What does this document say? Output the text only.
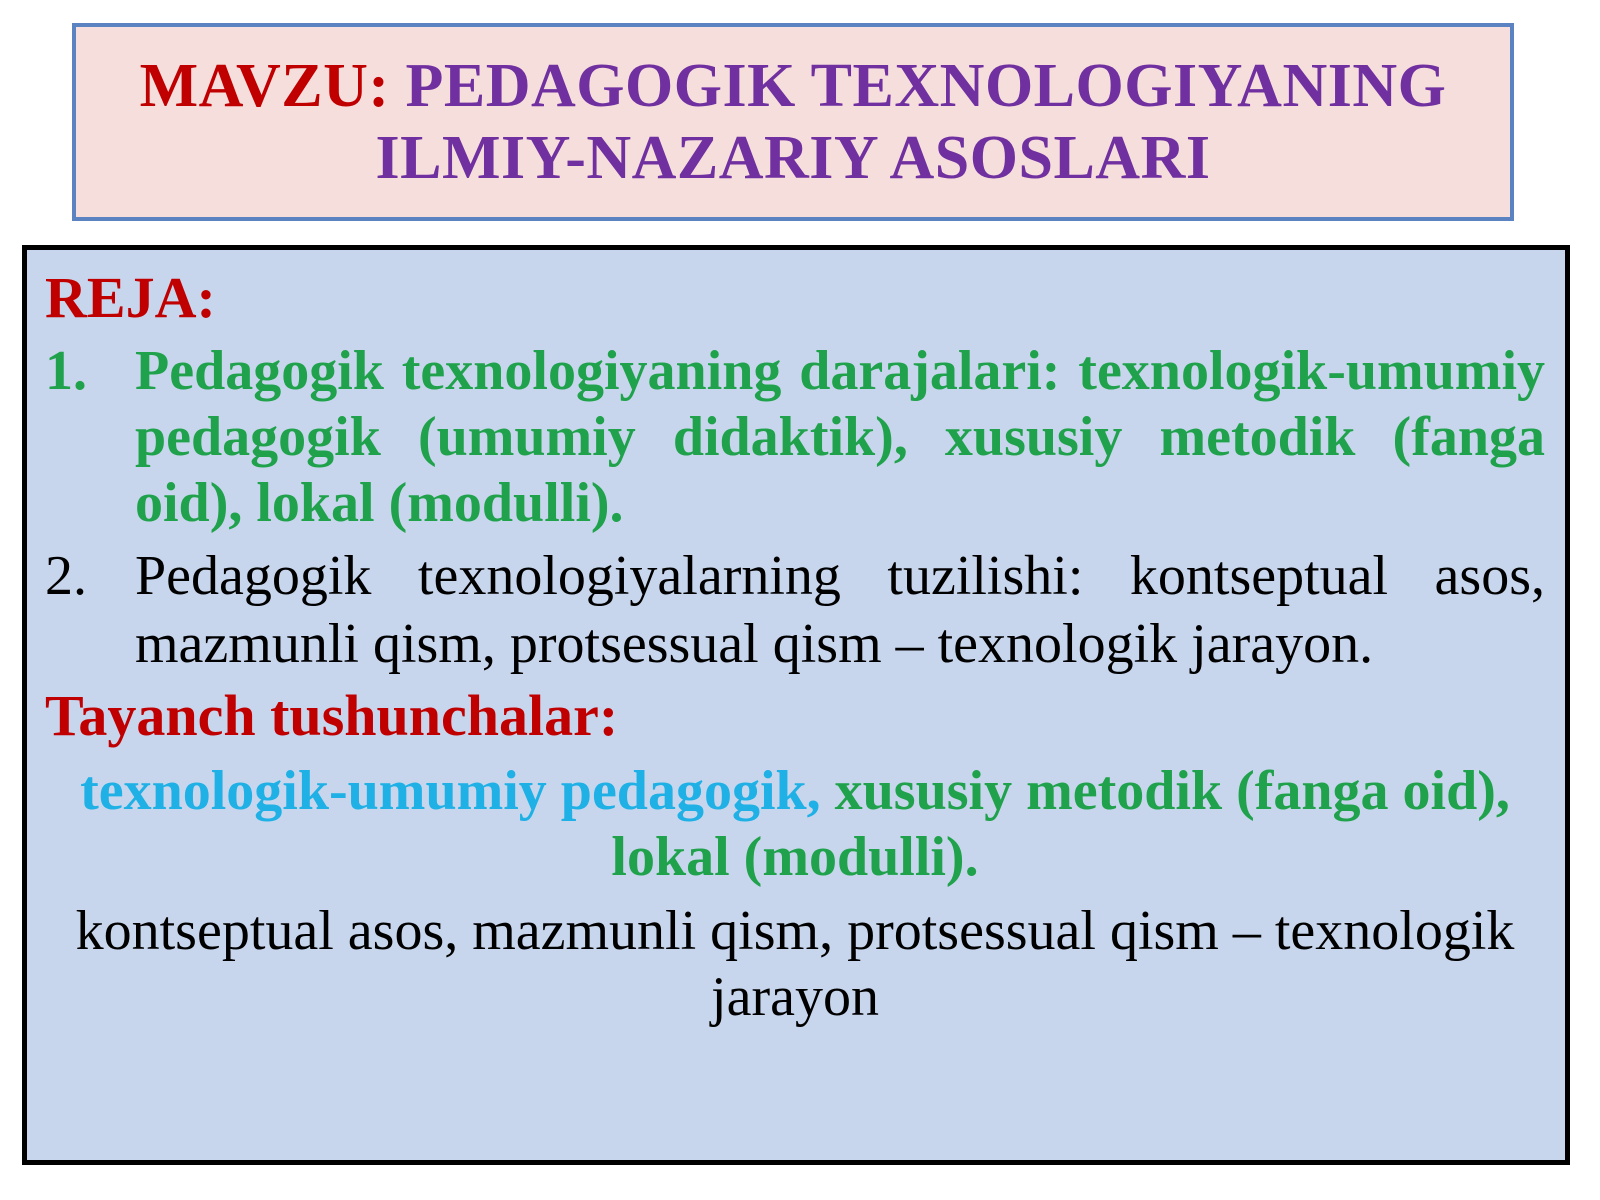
MAVZU: PEDAGOGIK TEXNOLOGIYANING ILMIY-NAZARIY ASOSLARI
REJA:
1. Pedagogik texnologiyaning darajalari: texnologik-umumiy pedagogik (umumiy didaktik), xususiy metodik (fanga oid), lokal (modulli).
2. Pedagogik texnologiyalarning tuzilishi: kontseptual asos, mazmunli qism, protsessual qism – texnologik jarayon.
Tayanch tushunchalar:
texnologik-umumiy pedagogik, xususiy metodik (fanga oid), lokal (modulli).
kontseptual asos, mazmunli qism, protsessual qism – texnologik jarayon
